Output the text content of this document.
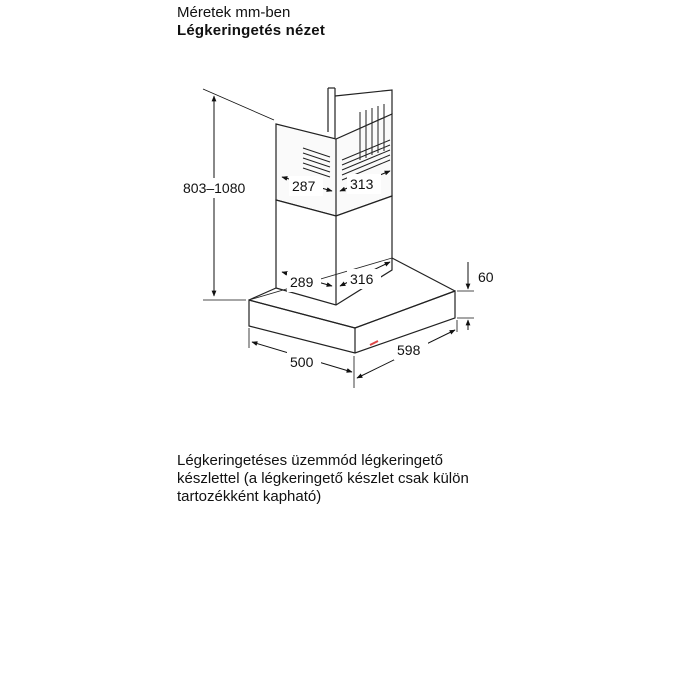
Méretek mm-ben
Légkeringetés nézet
803–1080	287 313
289	316	60
500
598
Légkeringetéses üzemmód légkeringető
készlettel (a légkeringető készlet csak külön
tartozékként kapható)
